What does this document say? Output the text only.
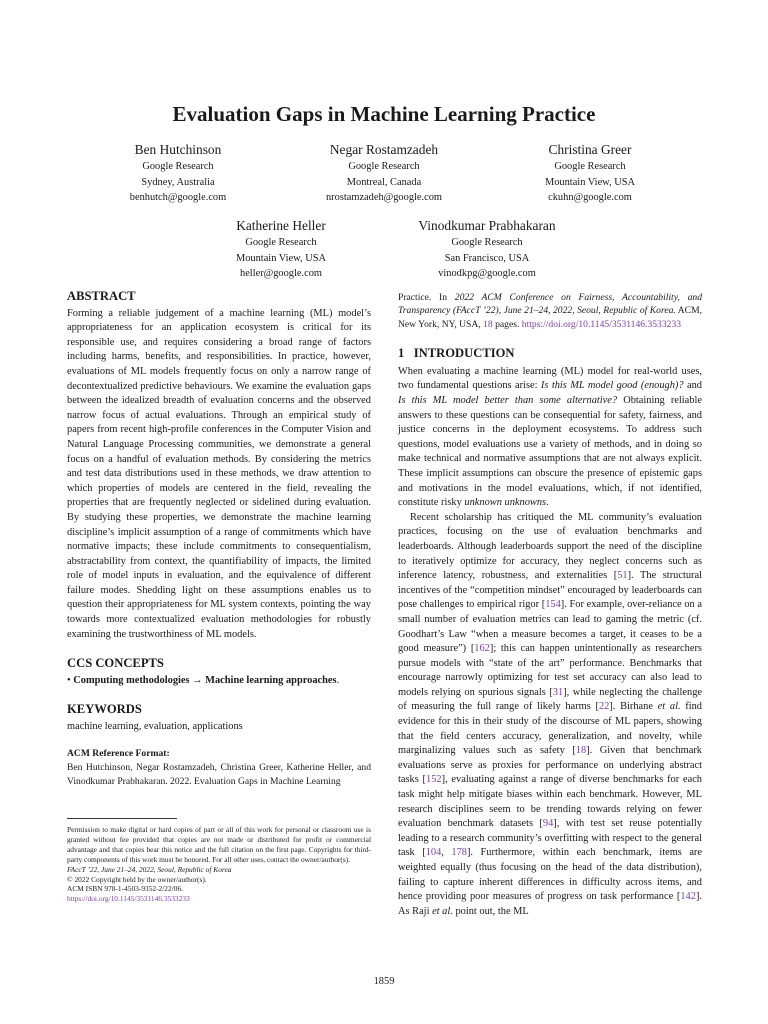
Evaluation Gaps in Machine Learning Practice
Ben Hutchinson
Google Research
Sydney, Australia
benhutch@google.com
Negar Rostamzadeh
Google Research
Montreal, Canada
nrostamzadeh@google.com
Christina Greer
Google Research
Mountain View, USA
ckuhn@google.com
Katherine Heller
Google Research
Mountain View, USA
heller@google.com
Vinodkumar Prabhakaran
Google Research
San Francisco, USA
vinodkpg@google.com
ABSTRACT
Forming a reliable judgement of a machine learning (ML) model’s appropriateness for an application ecosystem is critical for its responsible use, and requires considering a broad range of factors including harms, benefits, and responsibilities. In practice, however, evaluations of ML models frequently focus on only a narrow range of decontextualized predictive behaviours. We examine the evaluation gaps between the idealized breadth of evaluation concerns and the observed narrow focus of actual evaluations. Through an empirical study of papers from recent high-profile conferences in the Computer Vision and Natural Language Processing communities, we demonstrate a general focus on a handful of evaluation methods. By considering the metrics and test data distributions used in these methods, we draw attention to which properties of models are centered in the field, revealing the properties that are frequently neglected or sidelined during evaluation. By studying these properties, we demonstrate the machine learning discipline’s implicit assumption of a range of commitments which have normative impacts; these include commitments to consequentialism, abstractability from context, the quantifiability of impacts, the limited role of model inputs in evaluation, and the equivalence of different failure modes. Shedding light on these assumptions enables us to question their appropriateness for ML system contexts, pointing the way towards more contextualized evaluation methodologies for robustly examining the trustworthiness of ML models.
CCS CONCEPTS
• Computing methodologies → Machine learning approaches.
KEYWORDS
machine learning, evaluation, applications
ACM Reference Format:
Ben Hutchinson, Negar Rostamzadeh, Christina Greer, Katherine Heller, and Vinodkumar Prabhakaran. 2022. Evaluation Gaps in Machine Learning
Permission to make digital or hard copies of part or all of this work for personal or classroom use is granted without fee provided that copies are not made or distributed for profit or commercial advantage and that copies bear this notice and the full citation on the first page. Copyrights for third-party components of this work must be honored. For all other uses, contact the owner/author(s).
FAccT ’22, June 21–24, 2022, Seoul, Republic of Korea
© 2022 Copyright held by the owner/author(s).
ACM ISBN 978-1-4503-9352-2/22/06.
https://doi.org/10.1145/3531146.3533233
Practice. In 2022 ACM Conference on Fairness, Accountability, and Transparency (FAccT ’22), June 21–24, 2022, Seoul, Republic of Korea. ACM, New York, NY, USA, 18 pages. https://doi.org/10.1145/3531146.3533233
1   INTRODUCTION

When evaluating a machine learning (ML) model for real-world uses, two fundamental questions arise: Is this ML model good (enough)? and Is this ML model better than some alternative? Obtaining reliable answers to these questions can be consequential for safety, fairness, and justice concerns in the deployment ecosystems. To address such questions, model evaluations use a variety of methods, and in doing so make technical and normative assumptions that are not always explicit. These implicit assumptions can obscure the presence of epistemic gaps and motivations in the model evaluations, which, if not identified, constitute risky unknown unknowns.

Recent scholarship has critiqued the ML community’s evaluation practices, focusing on the use of evaluation benchmarks and leaderboards. Although leaderboards support the need of the discipline to iteratively optimize for accuracy, they neglect concerns such as inference latency, robustness, and externalities [51]. The structural incentives of the “competition mindset” encouraged by leaderboards can pose challenges to empirical rigor [154]. For example, over-reliance on a small number of evaluation metrics can lead to gaming the metric (cf. Goodhart’s Law “when a measure becomes a target, it ceases to be a good measure”) [162]; this can happen unintentionally as researchers pursue models with “state of the art” performance. Benchmarks that encourage narrowly optimizing for test set accuracy can also lead to models relying on spurious signals [31], while neglecting the challenge of measuring the full range of likely harms [22]. Birhane et al. find evidence for this in their study of the discourse of ML papers, showing that the field centers accuracy, generalization, and novelty, while marginalizing values such as safety [18]. Given that benchmark evaluations serve as proxies for performance on underlying abstract tasks [152], evaluating against a range of diverse benchmarks for each task might help mitigate biases within each benchmark. However, ML research disciplines seem to be trending towards relying on fewer evaluation benchmark datasets [94], with test set reuse potentially leading to a research community’s overfitting with respect to the general task [104, 178]. Furthermore, within each benchmark, items are weighted equally (thus focusing on the head of the data distribution), failing to capture inherent differences in difficulty across items, and hence providing poor measures of progress on task performance [142]. As Raji et al. point out, the ML

1859
